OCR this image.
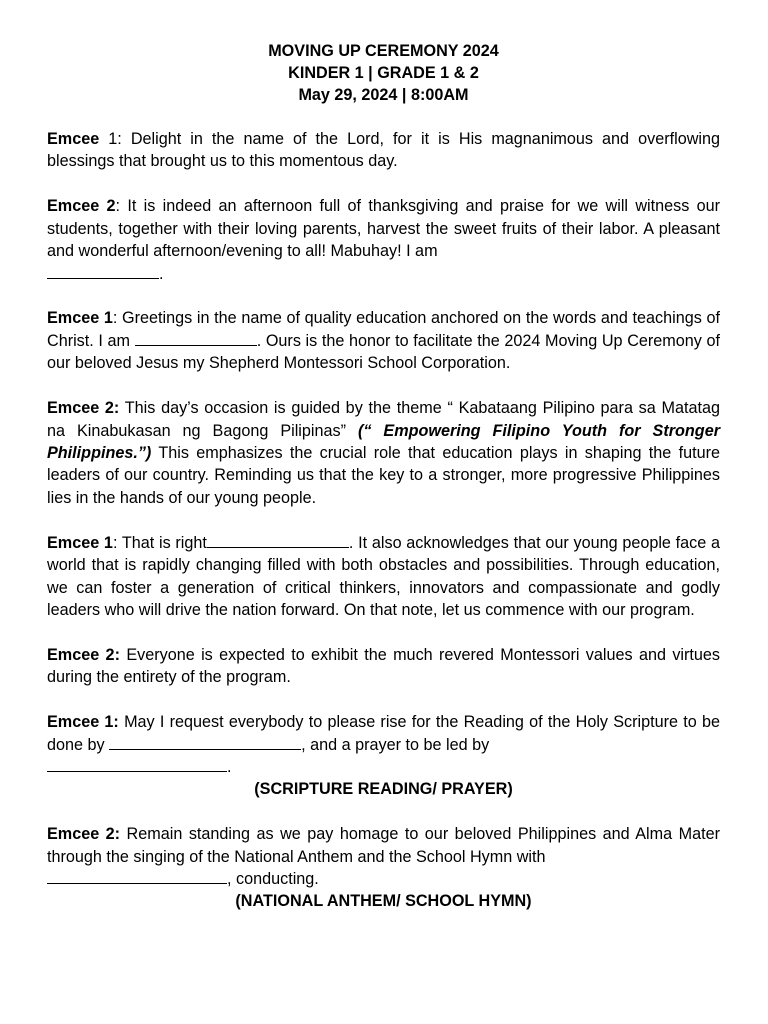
MOVING UP CEREMONY 2024
KINDER 1 | GRADE 1 & 2
May 29, 2024 | 8:00AM
Emcee 1: Delight in the name of the Lord, for it is His magnanimous and overflowing blessings that brought us to this momentous day.
Emcee 2: It is indeed an afternoon full of thanksgiving and praise for we will witness our students, together with their loving parents, harvest the sweet fruits of their labor. A pleasant and wonderful afternoon/evening to all! Mabuhay! I am
.
Emcee 1: Greetings in the name of quality education anchored on the words and teachings of Christ. I am	. Ours is the honor to facilitate the 2024 Moving Up Ceremony of our beloved Jesus my Shepherd Montessori School Corporation.
Emcee 2: This day’s occasion is guided by the theme “ Kabataang Pilipino para sa Matatag na Kinabukasan ng Bagong Pilipinas” (“ Empowering Filipino Youth for Stronger Philippines.”) This emphasizes the crucial role that education plays in shaping the future leaders of our country. Reminding us that the key to a stronger, more progressive Philippines lies in the hands of our young people.
Emcee 1: That is right	. It also acknowledges that our young people face a world that is rapidly changing filled with both obstacles and possibilities. Through education, we can foster a generation of critical thinkers, innovators and compassionate and godly leaders who will drive the nation forward. On that note, let us commence with our program.
Emcee 2: Everyone is expected to exhibit the much revered Montessori values and virtues during the entirety of the program.
Emcee 1: May I request everybody to please rise for the Reading of the Holy Scripture to be done by	, and a prayer to be led by
.
(SCRIPTURE READING/ PRAYER)
Emcee 2: Remain standing as we pay homage to our beloved Philippines and Alma Mater through the singing of the National Anthem and the School Hymn with
, conducting.
(NATIONAL ANTHEM/ SCHOOL HYMN)
